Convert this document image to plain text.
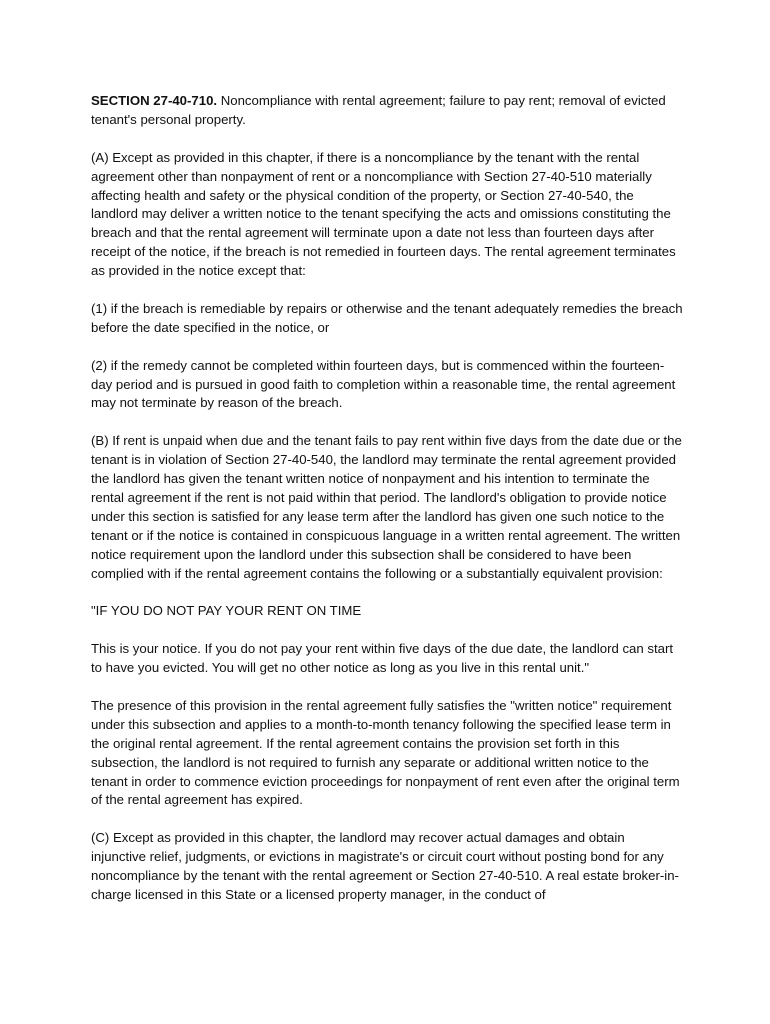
SECTION 27-40-710. Noncompliance with rental agreement; failure to pay rent; removal of evicted tenant's personal property.

(A) Except as provided in this chapter, if there is a noncompliance by the tenant with the rental agreement other than nonpayment of rent or a noncompliance with Section 27-40-510 materially affecting health and safety or the physical condition of the property, or Section 27-40-540, the landlord may deliver a written notice to the tenant specifying the acts and omissions constituting the breach and that the rental agreement will terminate upon a date not less than fourteen days after receipt of the notice, if the breach is not remedied in fourteen days. The rental agreement terminates as provided in the notice except that:

(1) if the breach is remediable by repairs or otherwise and the tenant adequately remedies the breach before the date specified in the notice, or

(2) if the remedy cannot be completed within fourteen days, but is commenced within the fourteen-day period and is pursued in good faith to completion within a reasonable time, the rental agreement may not terminate by reason of the breach.

(B) If rent is unpaid when due and the tenant fails to pay rent within five days from the date due or the tenant is in violation of Section 27-40-540, the landlord may terminate the rental agreement provided the landlord has given the tenant written notice of nonpayment and his intention to terminate the rental agreement if the rent is not paid within that period. The landlord's obligation to provide notice under this section is satisfied for any lease term after the landlord has given one such notice to the tenant or if the notice is contained in conspicuous language in a written rental agreement. The written notice requirement upon the landlord under this subsection shall be considered to have been complied with if the rental agreement contains the following or a substantially equivalent provision:

"IF YOU DO NOT PAY YOUR RENT ON TIME

This is your notice. If you do not pay your rent within five days of the due date, the landlord can start to have you evicted. You will get no other notice as long as you live in this rental unit."

The presence of this provision in the rental agreement fully satisfies the "written notice" requirement under this subsection and applies to a month-to-month tenancy following the specified lease term in the original rental agreement. If the rental agreement contains the provision set forth in this subsection, the landlord is not required to furnish any separate or additional written notice to the tenant in order to commence eviction proceedings for nonpayment of rent even after the original term of the rental agreement has expired.

(C) Except as provided in this chapter, the landlord may recover actual damages and obtain injunctive relief, judgments, or evictions in magistrate's or circuit court without posting bond for any noncompliance by the tenant with the rental agreement or Section 27-40-510. A real estate broker-in-charge licensed in this State or a licensed property manager, in the conduct of
